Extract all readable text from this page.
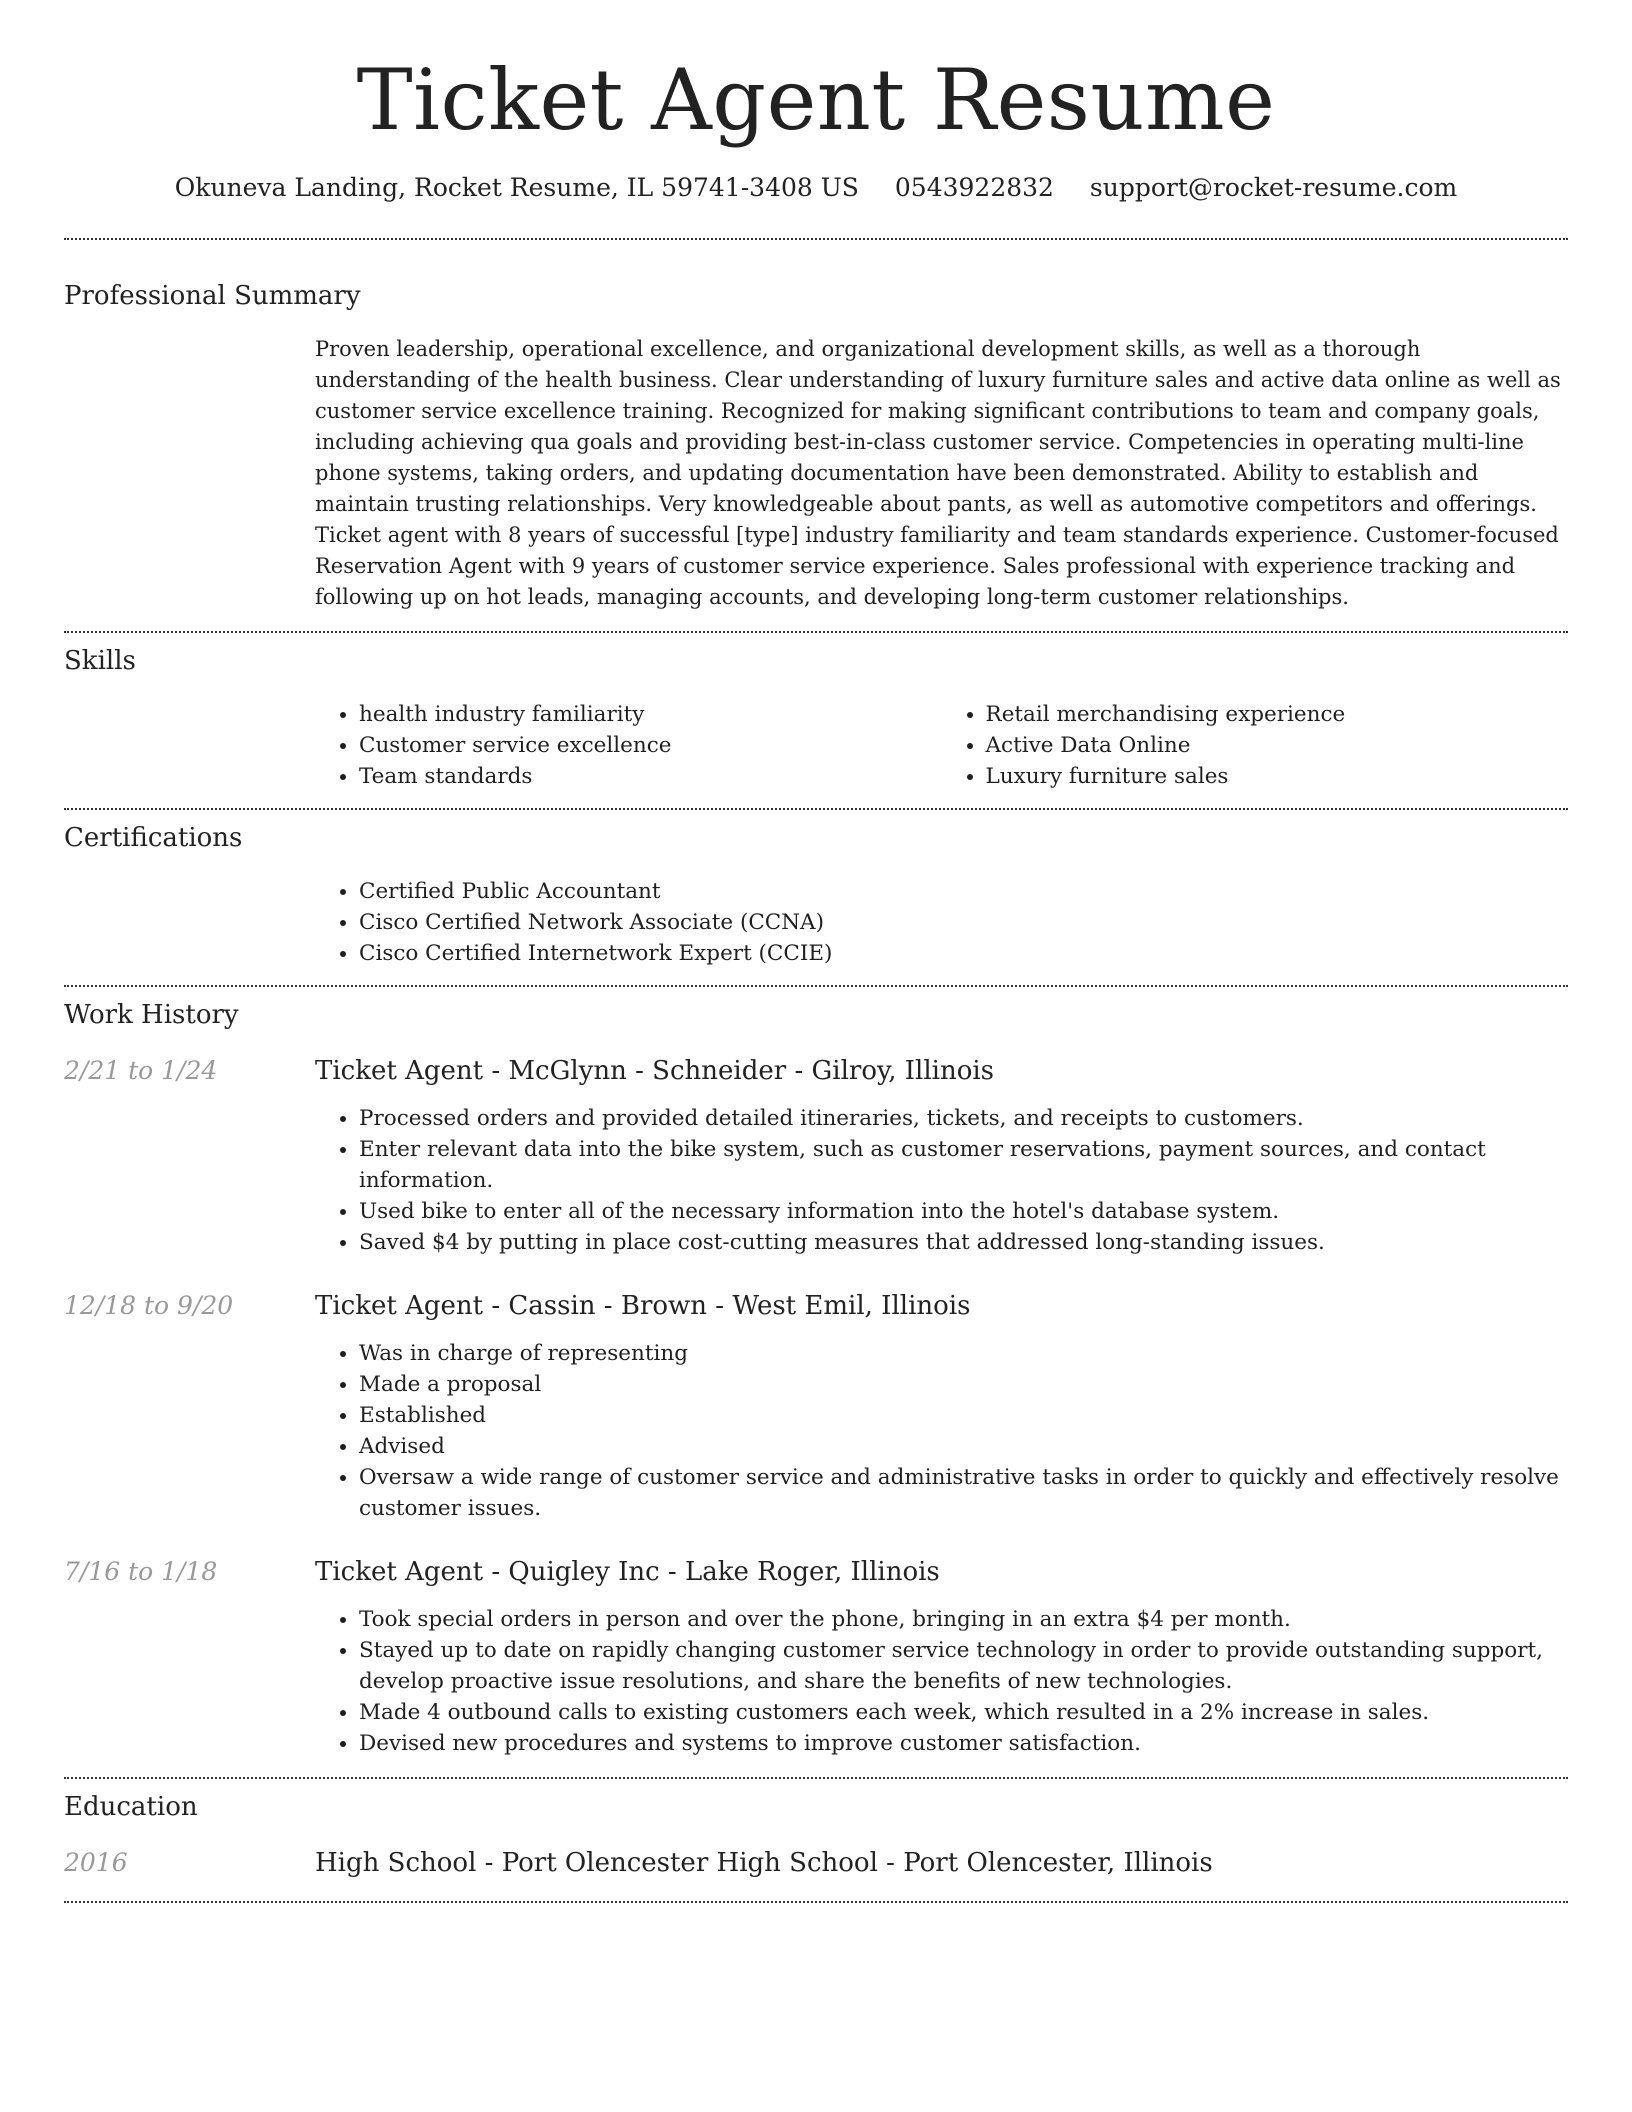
Ticket Agent Resume
Okuneva Landing, Rocket Resume, IL 59741-3408 US 0543922832 support@rocket-resume.com
Professional Summary

Proven leadership, operational excellence, and organizational development skills, as well as a thorough understanding of the health business. Clear understanding of luxury furniture sales and active data online as well as customer service excellence training. Recognized for making significant contributions to team and company goals, including achieving qua goals and providing best-in-class customer service. Competencies in operating multi-line phone systems, taking orders, and updating documentation have been demonstrated. Ability to establish and maintain trusting relationships. Very knowledgeable about pants, as well as automotive competitors and offerings. Ticket agent with 8 years of successful [type] industry familiarity and team standards experience. Customer-focused Reservation Agent with 9 years of customer service experience. Sales professional with experience tracking and following up on hot leads, managing accounts, and developing long-term customer relationships.

Skills
• health industry familiarity
• Customer service excellence
• Team standards
• Retail merchandising experience
• Active Data Online
• Luxury furniture sales
Certifications
• Certified Public Accountant
• Cisco Certified Network Associate (CCNA)
• Cisco Certified Internetwork Expert (CCIE)
Work History
2/21 to 1/24	Ticket Agent - McGlynn - Schneider - Gilroy, Illinois
• Processed orders and provided detailed itineraries, tickets, and receipts to customers.
• Enter relevant data into the bike system, such as customer reservations, payment sources, and contact information.
• Used bike to enter all of the necessary information into the hotel's database system.
• Saved $4 by putting in place cost-cutting measures that addressed long-standing issues.
12/18 to 9/20	Ticket Agent - Cassin - Brown - West Emil, Illinois
• Was in charge of representing
• Made a proposal
• Established
• Advised
• Oversaw a wide range of customer service and administrative tasks in order to quickly and effectively resolve customer issues.
7/16 to 1/18	Ticket Agent - Quigley Inc - Lake Roger, Illinois
• Took special orders in person and over the phone, bringing in an extra $4 per month.
• Stayed up to date on rapidly changing customer service technology in order to provide outstanding support, develop proactive issue resolutions, and share the benefits of new technologies.
• Made 4 outbound calls to existing customers each week, which resulted in a 2% increase in sales.
• Devised new procedures and systems to improve customer satisfaction.
Education
2016	High School - Port Olencester High School - Port Olencester, Illinois
